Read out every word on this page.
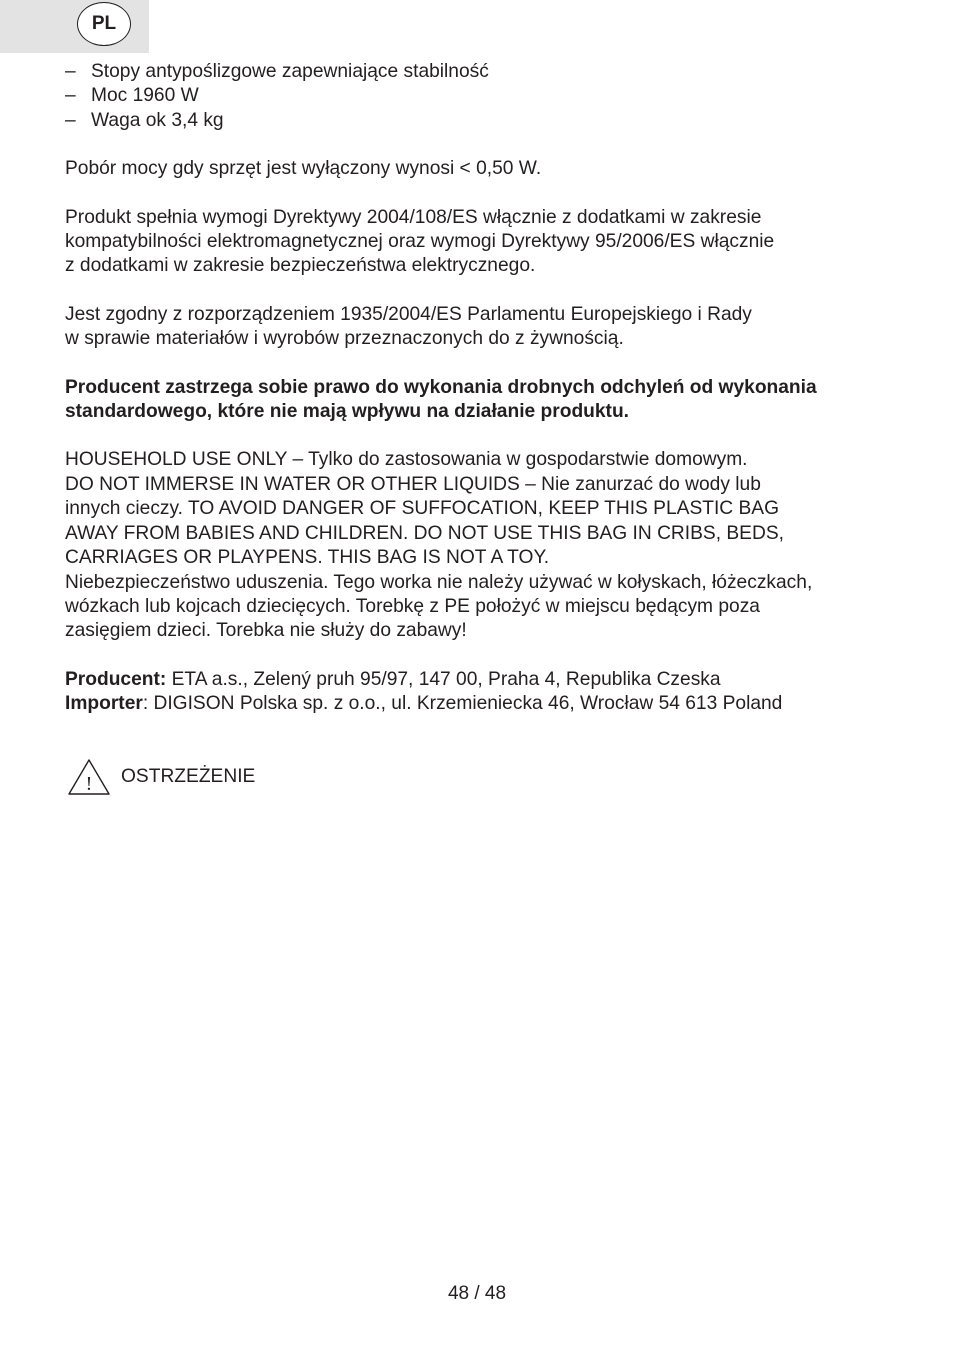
PL
– Stopy antypoślizgowe zapewniające stabilność
– Moc 1960 W
– Waga ok 3,4 kg

Pobór mocy gdy sprzęt jest wyłączony wynosi < 0,50 W.

Produkt spełnia wymogi Dyrektywy 2004/108/ES włącznie z dodatkami w zakresie
kompatybilności elektromagnetycznej oraz wymogi Dyrektywy 95/2006/ES włącznie
z dodatkami w zakresie bezpieczeństwa elektrycznego.

Jest zgodny z rozporządzeniem 1935/2004/ES Parlamentu Europejskiego i Rady
w sprawie materiałów i wyrobów przeznaczonych do z żywnością.

Producent zastrzega sobie prawo do wykonania drobnych odchyleń od wykonania
standardowego, które nie mają wpływu na działanie produktu.

HOUSEHOLD USE ONLY – Tylko do zastosowania w gospodarstwie domowym.
DO NOT IMMERSE IN WATER OR OTHER LIQUIDS – Nie zanurzać do wody lub
innych cieczy. TO AVOID DANGER OF SUFFOCATION, KEEP THIS PLASTIC BAG
AWAY FROM BABIES AND CHILDREN. DO NOT USE THIS BAG IN CRIBS, BEDS,
CARRIAGES OR PLAYPENS. THIS BAG IS NOT A TOY.
Niebezpieczeństwo uduszenia. Tego worka nie należy używać w kołyskach, łóżeczkach,
wózkach lub kojcach dziecięcych. Torebkę z PE położyć w miejscu będącym poza
zasięgiem dzieci. Torebka nie służy do zabawy!

Producent: ETA a.s., Zelený pruh 95/97, 147 00, Praha 4, Republika Czeska
Importer: DIGISON Polska sp. z o.o., ul. Krzemieniecka 46, Wrocław 54 613 Poland

! OSTRZEŻENIE
48 / 48
